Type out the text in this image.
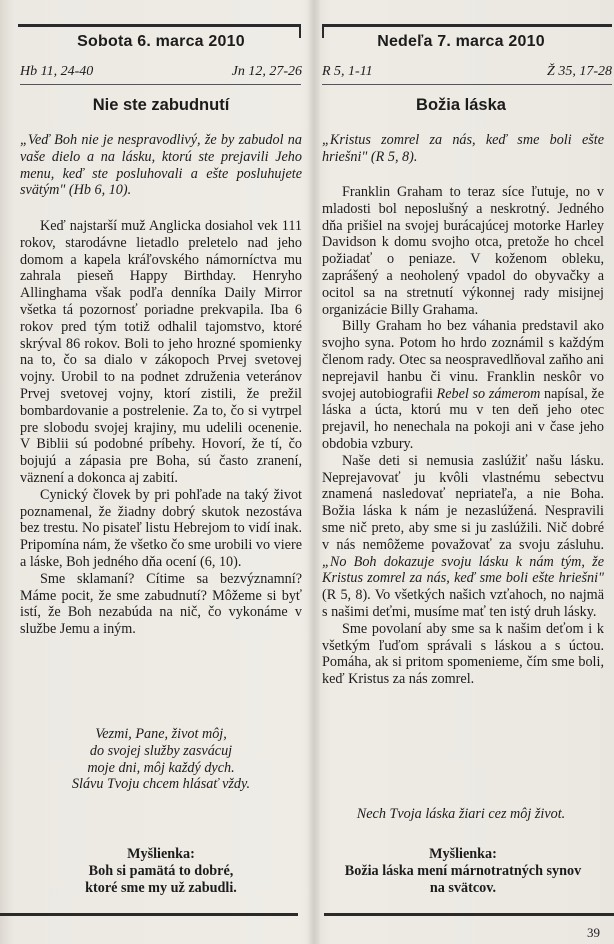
Sobota 6. marca 2010
Hb 11, 24-40	Jn 12, 27-26
Nie ste zabudnutí
„Veď Boh nie je nespravodlivý, že by zabudol na vaše dielo a na lásku, ktorú ste prejavili Jeho menu, keď ste posluhovali a ešte posluhujete svätým" (Hb 6, 10).

Keď najstarší muž Anglicka dosiahol vek 111 rokov, starodávne lietadlo preletelo nad jeho domom a kapela kráľovského námorníctva mu zahrala pieseň Happy Birthday. Henryho Allinghama však podľa denníka Daily Mirror všetka tá pozornosť poriadne prekvapila. Iba 6 rokov pred tým totiž odhalil tajomstvo, ktoré skrýval 86 rokov. Boli to jeho hrozné spomienky na to, čo sa dialo v zákopoch Prvej svetovej vojny. Urobil to na podnet združenia veteránov Prvej svetovej vojny, ktorí zistili, že prežil bombardovanie a postrelenie. Za to, čo si vytrpel pre slobodu svojej krajiny, mu udelili ocenenie. V Biblii sú podobné príbehy. Hovorí, že tí, čo bojujú a zápasia pre Boha, sú často zranení, väznení a dokonca aj zabití.

Cynický človek by pri pohľade na taký život poznamenal, že žiadny dobrý skutok nezostáva bez trestu. No pisateľ listu Hebrejom to vidí inak. Pripomína nám, že všetko čo sme urobili vo viere a láske, Boh jedného dňa ocení (6, 10).

Sme sklamaní? Cítime sa bezvýznamní? Máme pocit, že sme zabudnutí? Môžeme si byť istí, že Boh nezabúda na nič, čo vykonáme v službe Jemu a iným.

Vezmi, Pane, život môj,
do svojej služby zasvácuj
moje dni, môj každý dych.
Slávu Tvoju chcem hlásať vždy.
Myšlienka:
Boh si pamätá to dobré,
ktoré sme my už zabudli.
Nedeľa 7. marca 2010
R 5, 1-11	Ž 35, 17-28
Božia láska
„Kristus zomrel za nás, keď sme boli ešte hriešni" (R 5, 8).

Franklin Graham to teraz síce ľutuje, no v mladosti bol neposlušný a neskrotný. Jedného dňa prišiel na svojej burácajúcej motorke Harley Davidson k domu svojho otca, pretože ho chcel požiadať o peniaze. V koženom obleku, zaprášený a neoholený vpadol do obyvačky a ocitol sa na stretnutí výkonnej rady misijnej organizácie Billy Grahama.

Billy Graham ho bez váhania predstavil ako svojho syna. Potom ho hrdo zoznámil s každým členom rady. Otec sa neospravedlňoval zaňho ani neprejavil hanbu či vinu. Franklin neskôr vo svojej autobiografii Rebel so zámerom napísal, že láska a úcta, ktorú mu v ten deň jeho otec prejavil, ho nenechala na pokoji ani v čase jeho obdobia vzbury.

Naše deti si nemusia zaslúžiť našu lásku. Neprejavovať ju kvôli vlastnému sebectvu znamená nasledovať nepriateľa, a nie Boha. Božia láska k nám je nezaslúžená. Nespravili sme nič preto, aby sme si ju zaslúžili. Nič dobré v nás nemôžeme považovať za svoju zásluhu. „No Boh dokazuje svoju lásku k nám tým, že Kristus zomrel za nás, keď sme boli ešte hriešni" (R 5, 8). Vo všetkých našich vzťahoch, no najmä s našimi deťmi, musíme mať ten istý druh lásky.

Sme povolaní aby sme sa k našim deťom i k všetkým ľuďom správali s láskou a s úctou. Pomáha, ak si pritom spomenieme, čím sme boli, keď Kristus za nás zomrel.

Nech Tvoja láska žiari cez môj život.
Myšlienka:
Božia láska mení márnotratných synov
na svätcov.
39
